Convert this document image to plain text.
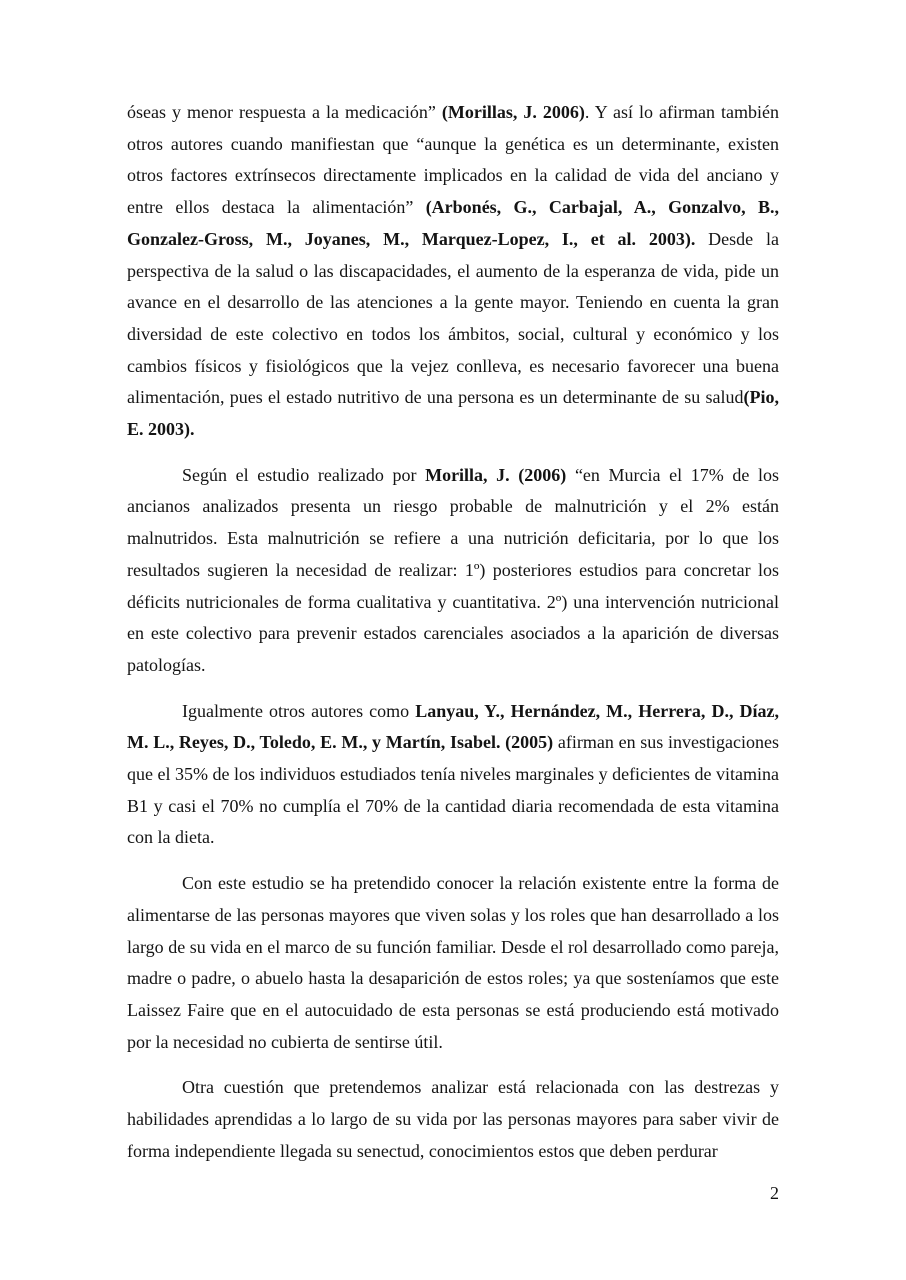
óseas y menor respuesta a la medicación” (Morillas, J. 2006). Y así lo afirman también otros autores cuando manifiestan que “aunque la genética es un determinante, existen otros factores extrínsecos directamente implicados en la calidad de vida del anciano y entre ellos destaca la alimentación” (Arbonés, G., Carbajal, A., Gonzalvo, B., Gonzalez-Gross, M., Joyanes, M., Marquez-Lopez, I., et al. 2003). Desde la perspectiva de la salud o las discapacidades, el aumento de la esperanza de vida, pide un avance en el desarrollo de las atenciones a la gente mayor. Teniendo en cuenta la gran diversidad de este colectivo en todos los ámbitos, social, cultural y económico y los cambios físicos y fisiológicos que la vejez conlleva, es necesario favorecer una buena alimentación, pues el estado nutritivo de una persona es un determinante de su salud(Pio, E. 2003).

Según el estudio realizado por Morilla, J. (2006) “en Murcia el 17% de los ancianos analizados presenta un riesgo probable de malnutrición y el 2% están malnutridos. Esta malnutrición se refiere a una nutrición deficitaria, por lo que los resultados sugieren la necesidad de realizar: 1º) posteriores estudios para concretar los déficits nutricionales de forma cualitativa y cuantitativa. 2º) una intervención nutricional en este colectivo para prevenir estados carenciales asociados a la aparición de diversas patologías.

Igualmente otros autores como Lanyau, Y., Hernández, M., Herrera, D., Díaz, M. L., Reyes, D., Toledo, E. M., y Martín, Isabel. (2005) afirman en sus investigaciones que el 35% de los individuos estudiados tenía niveles marginales y deficientes de vitamina B1 y casi el 70% no cumplía el 70% de la cantidad diaria recomendada de esta vitamina con la dieta.

Con este estudio se ha pretendido conocer la relación existente entre la forma de alimentarse de las personas mayores que viven solas y los roles que han desarrollado a los largo de su vida en el marco de su función familiar. Desde el rol desarrollado como pareja, madre o padre, o abuelo hasta la desaparición de estos roles; ya que sosteníamos que este Laissez Faire que en el autocuidado de esta personas se está produciendo está motivado por la necesidad no cubierta de sentirse útil.

Otra cuestión que pretendemos analizar está relacionada con las destrezas y habilidades aprendidas a lo largo de su vida por las personas mayores para saber vivir de forma independiente llegada su senectud, conocimientos estos que deben perdurar

2
